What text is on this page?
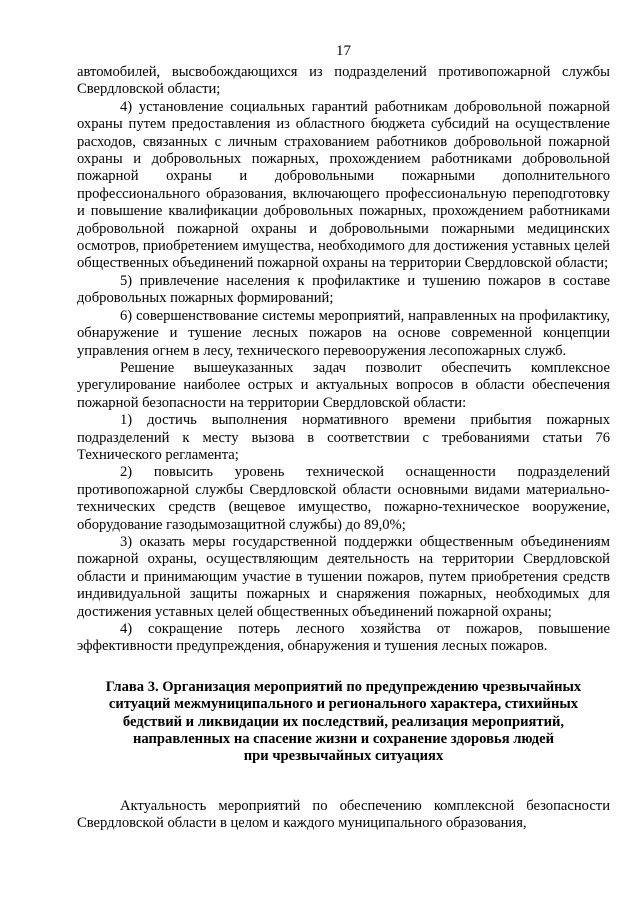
17

автомобилей, высвобождающихся из подразделений противопожарной службы Свердловской области;

4) установление социальных гарантий работникам добровольной пожарной охраны путем предоставления из областного бюджета субсидий на осуществление расходов, связанных с личным страхованием работников добровольной пожарной охраны и добровольных пожарных, прохождением работниками добровольной пожарной охраны и добровольными пожарными дополнительного профессионального образования, включающего профессиональную переподготовку и повышение квалификации добровольных пожарных, прохождением работниками добровольной пожарной охраны и добровольными пожарными медицинских осмотров, приобретением имущества, необходимого для достижения уставных целей общественных объединений пожарной охраны на территории Свердловской области;

5) привлечение населения к профилактике и тушению пожаров в составе добровольных пожарных формирований;

6) совершенствование системы мероприятий, направленных на профилактику, обнаружение и тушение лесных пожаров на основе современной концепции управления огнем в лесу, технического перевооружения лесопожарных служб.

Решение вышеуказанных задач позволит обеспечить комплексное урегулирование наиболее острых и актуальных вопросов в области обеспечения пожарной безопасности на территории Свердловской области:

1) достичь выполнения нормативного времени прибытия пожарных подразделений к месту вызова в соответствии с требованиями статьи 76 Технического регламента;

2) повысить уровень технической оснащенности подразделений противопожарной службы Свердловской области основными видами материально-технических средств (вещевое имущество, пожарно-техническое вооружение, оборудование газодымозащитной службы) до 89,0%;

3) оказать меры государственной поддержки общественным объединениям пожарной охраны, осуществляющим деятельность на территории Свердловской области и принимающим участие в тушении пожаров, путем приобретения средств индивидуальной защиты пожарных и снаряжения пожарных, необходимых для достижения уставных целей общественных объединений пожарной охраны;

4) сокращение потерь лесного хозяйства от пожаров, повышение эффективности предупреждения, обнаружения и тушения лесных пожаров.

Глава 3. Организация мероприятий по предупреждению чрезвычайных
ситуаций межмуниципального и регионального характера, стихийных
бедствий и ликвидации их последствий, реализация мероприятий,
направленных на спасение жизни и сохранение здоровья людей
при чрезвычайных ситуациях

Актуальность мероприятий по обеспечению комплексной безопасности Свердловской области в целом и каждого муниципального образования,
